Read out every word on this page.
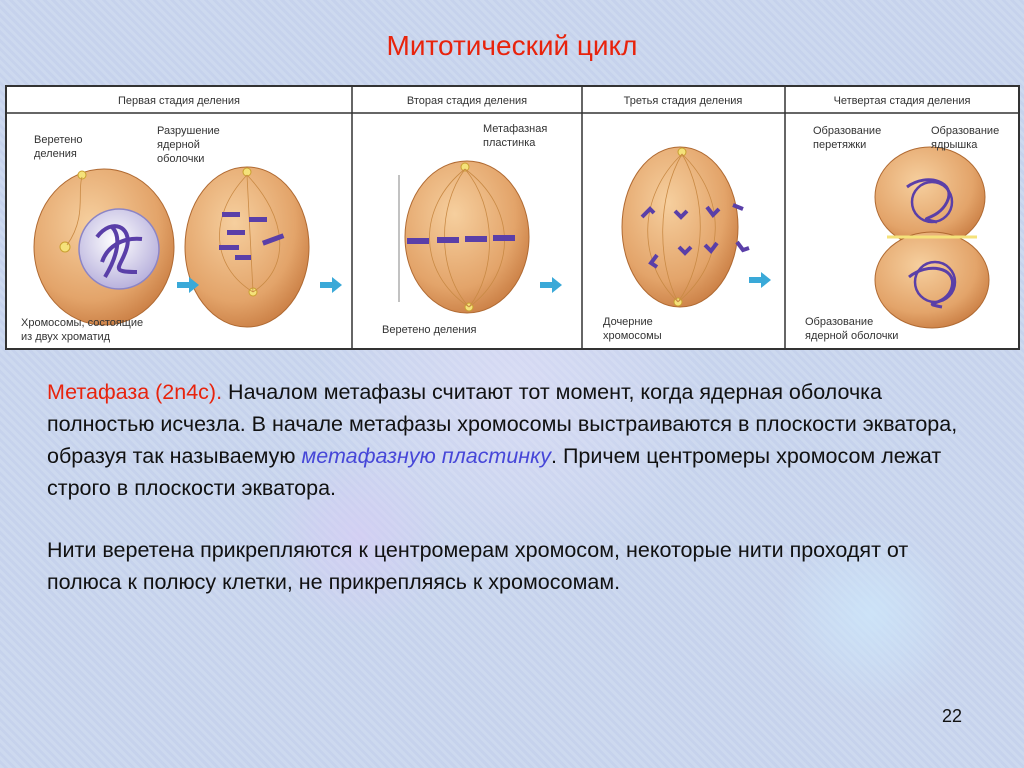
Митотический цикл
Первая стадия деления	Вторая стадия деления	Третья стадия деления	Четвертая стадия деления
Веретено
деления
Разрушение
ядерной
оболочки
Хромосомы, состоящие
из двух хроматид
Метафазная
пластинка
Веретено деления
Дочерние
хромосомы
Образование
перетяжки
Образование
ядрышка
Образование
ядерной оболочки

Метафаза (2n4c). Началом метафазы считают тот момент, когда ядерная оболочка полностью исчезла. В начале метафазы хромосомы выстраиваются в плоскости экватора, образуя так называемую метафазную пластинку. Причем центромеры хромосом лежат строго в плоскости экватора.

Нити веретена прикрепляются к центромерам хромосом, некоторые нити проходят от полюса к полюсу клетки, не прикрепляясь к хромосомам.

22
